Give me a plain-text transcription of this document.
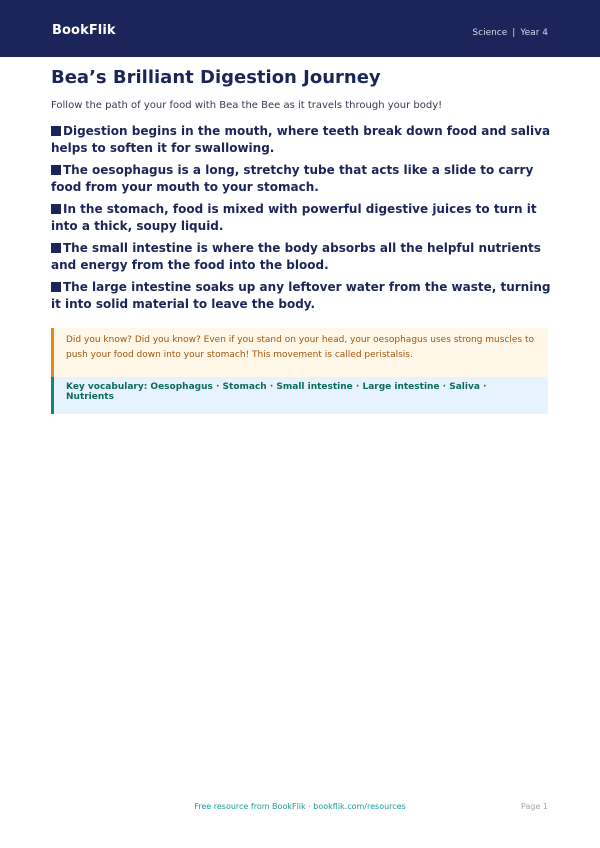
BookFlik	Science | Year 4
Bea’s Brilliant Digestion Journey

Follow the path of your food with Bea the Bee as it travels through your body!

Digestion begins in the mouth, where teeth break down food and saliva helps to soften it for swallowing.
The oesophagus is a long, stretchy tube that acts like a slide to carry food from your mouth to your stomach.
In the stomach, food is mixed with powerful digestive juices to turn it into a thick, soupy liquid.
The small intestine is where the body absorbs all the helpful nutrients and energy from the food into the blood.
The large intestine soaks up any leftover water from the waste, turning it into solid material to leave the body.
Did you know? Did you know? Even if you stand on your head, your oesophagus uses strong muscles to push your food down into your stomach! This movement is called peristalsis.
Key vocabulary: Oesophagus · Stomach · Small intestine · Large intestine · Saliva · Nutrients
Free resource from BookFlik · bookflik.com/resources	Page 1
